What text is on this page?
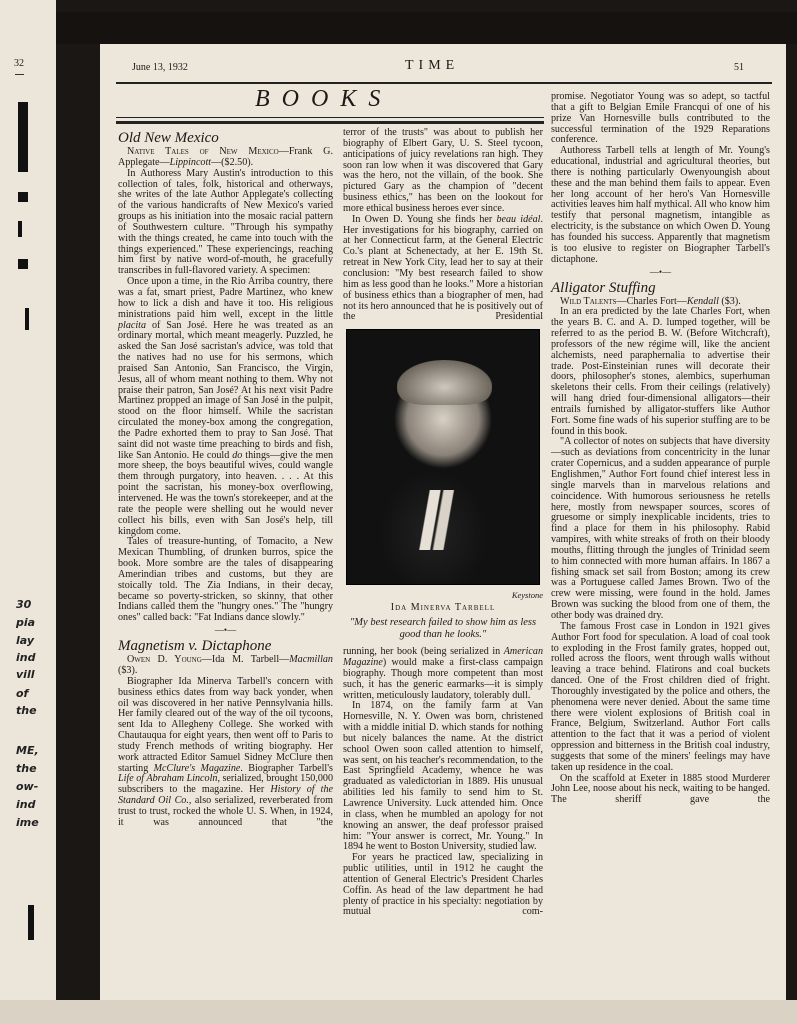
32
30
pia
lay
ind
vill
of
the
ME,
the
ow-
ind
ime
June 13, 1932	TIME	51
BOOKS
Old New Mexico

Native Tales of New Mexico—Frank G. Applegate—Lippincott—($2.50).

In Authoress Mary Austin's introduction to this collection of tales, folk, historical and otherways, she writes of the late Author Applegate's collecting of the various handicrafts of New Mexico's varied groups as his initiation into the mosaic racial pattern of Southwestern culture. "Through his sympathy with the things created, he came into touch with the things experienced." These experiencings, reaching him first by native word-of-mouth, he gracefully transcribes in full-flavored variety. A specimen:

Once upon a time, in the Rio Arriba country, there was a fat, smart priest, Padre Martinez, who knew how to lick a dish and have it too. His religious ministrations paid him well, except in the little placita of San José. Here he was treated as an ordinary mortal, which meant meagerly. Puzzled, he asked the San José sacristan's advice, was told that the natives had no use for his sermons, which praised San Antonio, San Francisco, the Virgin, Jesus, all of whom meant nothing to them. Why not praise their patron, San José? At his next visit Padre Martinez propped an image of San José in the pulpit, stood on the floor himself. While the sacristan circulated the money-box among the congregation, the Padre exhorted them to pray to San José. That saint did not waste time preaching to birds and fish, like San Antonio. He could do things—give the men more sheep, the boys beautiful wives, could wangle them through purgatory, into heaven. . . . At this point the sacristan, his money-box overflowing, intervened. He was the town's storekeeper, and at the rate the people were shelling out he would never collect his bills, even with San José's help, till kingdom come.

Tales of treasure-hunting, of Tomacito, a New Mexican Thumbling, of drunken burros, spice the book. More sombre are the tales of disappearing Amerindian tribes and customs, but they are stoically told. The Zia Indians, in their decay, became so poverty-stricken, so skinny, that other Indians called them the "hungry ones." The "hungry ones" called back: "Fat Indians dance slowly."

—•—
Magnetism v. Dictaphone

Owen D. Young—Ida M. Tarbell—Macmillan ($3).

Biographer Ida Minerva Tarbell's concern with business ethics dates from way back yonder, when oil was discovered in her native Pennsylvania hills. Her family cleared out of the way of the oil tycoons, sent Ida to Allegheny College. She worked with Chautauqua for eight years, then went off to Paris to study French methods of writing biography. Her work attracted Editor Samuel Sidney McClure then starting McClure's Magazine. Biographer Tarbell's Life of Abraham Lincoln, serialized, brought 150,000 subscribers to the magazine. Her History of the Standard Oil Co., also serialized, reverberated from trust to trust, rocked the whole U. S. When, in 1924, it was announced that "the

terror of the trusts" was about to publish her biography of Elbert Gary, U. S. Steel tycoon, anticipations of juicy revelations ran high. They soon ran low when it was discovered that Gary was the hero, not the villain, of the book. She pictured Gary as the champion of "decent business ethics," has been on the lookout for more ethical business heroes ever since.

In Owen D. Young she finds her beau idéal. Her investigations for his biography, carried on at her Connecticut farm, at the General Electric Co.'s plant at Schenectady, at her E. 19th St. retreat in New York City, lead her to say at their conclusion: "My best research failed to show him as less good than he looks." More a historian of business ethics than a biographer of men, had not its hero announced that he is positively out of the Presidential

Keystone
Ida Minerva Tarbell
"My best research failed to show him as less good than he looks."

running, her book (being serialized in American Magazine) would make a first-class campaign biography. Though more competent than most such, it has the generic earmarks—it is simply written, meticulously laudatory, tolerably dull.

In 1874, on the family farm at Van Hornesville, N. Y. Owen was born, christened with a middle initial D. which stands for nothing but nicely balances the name. At the district school Owen soon called attention to himself, was sent, on his teacher's recommendation, to the East Springfield Academy, whence he was graduated as valedictorian in 1889. His unusual abilities led his family to send him to St. Lawrence University. Luck attended him. Once in class, when he mumbled an apology for not knowing an answer, the deaf professor praised him: "Your answer is correct, Mr. Young." In 1894 he went to Boston University, studied law.

For years he practiced law, specializing in public utilities, until in 1912 he caught the attention of General Electric's President Charles Coffin. As head of the law department he had plenty of practice in his specialty: negotiation by mutual com-

promise. Negotiator Young was so adept, so tactful that a gift to Belgian Emile Francqui of one of his prize Van Hornesville bulls contributed to the successful termination of the 1929 Reparations conference.

Authoress Tarbell tells at length of Mr. Young's educational, industrial and agricultural theories, but there is nothing particularly Owenyoungish about these and the man behind them fails to appear. Even her long account of her hero's Van Hornesville activities leaves him half mythical. All who know him testify that personal magnetism, intangible as electricity, is the substance on which Owen D. Young has founded his success. Apparently that magnetism is too elusive to register on Biographer Tarbell's dictaphone.

—•—
Alligator Stuffing

Wild Talents—Charles Fort—Kendall ($3).

In an era predicted by the late Charles Fort, when the years B. C. and A. D. lumped together, will be referred to as the period B. W. (Before Witchcraft), professors of the new régime will, like the ancient alchemists, need paraphernalia to advertise their trade. Post-Einsteinian runes will decorate their doors, philosopher's stones, alembics, superhuman skeletons their cells. From their ceilings (relatively) will hang dried four-dimensional alligators—their entrails furnished by alligator-stuffers like Author Fort. Some fine wads of his superior stuffing are to be found in this book.

"A collector of notes on subjects that have diversity—such as deviations from concentricity in the lunar crater Copernicus, and a sudden appearance of purple Englishmen," Author Fort found chief interest less in single marvels than in marvelous relations and coincidence. With humorous seriousness he retells here, mostly from newspaper sources, scores of gruesome or simply inexplicable incidents, tries to find a place for them in his philosophy. Rabid vampires, with white streaks of froth on their bloody mouths, flitting through the jungles of Trinidad seem to him connected with more human affairs. In 1867 a fishing smack set sail from Boston; among its crew was a Portuguese called James Brown. Two of the crew were missing, were found in the hold. James Brown was sucking the blood from one of them, the other body was drained dry.

The famous Frost case in London in 1921 gives Author Fort food for speculation. A load of coal took to exploding in the Frost family grates, hopped out, rolled across the floors, went through walls without leaving a trace behind. Flatirons and coal buckets danced. One of the Frost children died of fright. Thoroughly investigated by the police and others, the phenomena were never denied. About the same time there were violent explosions of British coal in France, Belgium, Switzerland. Author Fort calls attention to the fact that it was a period of violent oppression and bitterness in the British coal industry, suggests that some of the miners' feelings may have taken up residence in the coal.

On the scaffold at Exeter in 1885 stood Murderer John Lee, noose about his neck, waiting to be hanged. The sheriff gave the
